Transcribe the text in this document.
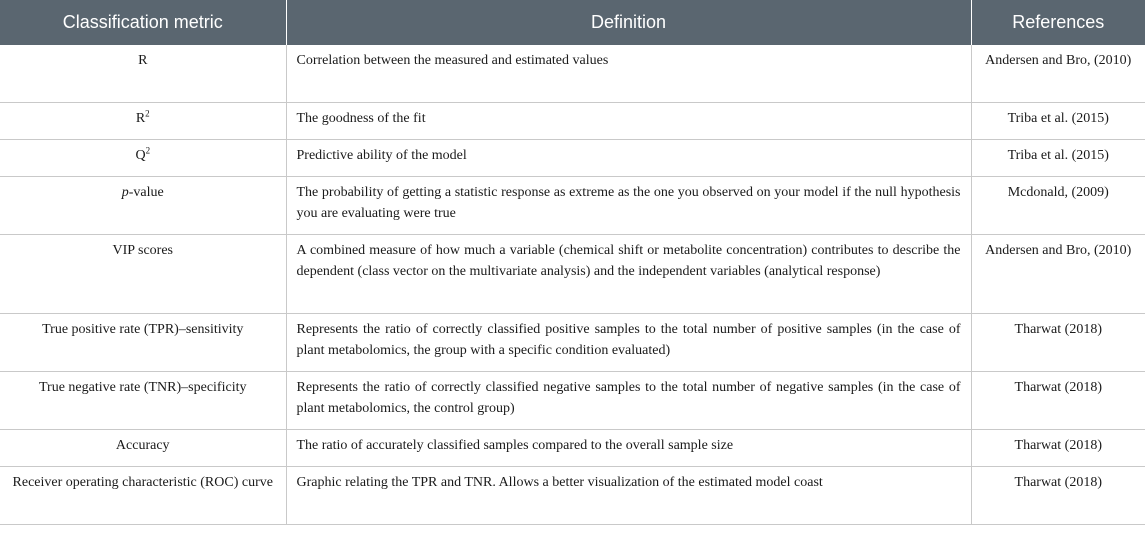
Classification metric	Definition	References
R	Correlation between the measured and estimated values	Andersen and Bro, (2010)
$R^2$	The goodness of the fit	Triba et al. (2015)
$Q^2$	Predictive ability of the model	Triba et al. (2015)
p-value	The probability of getting a statistic response as extreme as the one you observed on your model if the null hypothesis you are evaluating were true	Mcdonald, (2009)
VIP scores	A combined measure of how much a variable (chemical shift or metabolite concentration) contributes to describe the dependent (class vector on the multivariate analysis) and the independent variables (analytical response)	Andersen and Bro, (2010)
True positive rate (TPR)–sensitivity	Represents the ratio of correctly classified positive samples to the total number of positive samples (in the case of plant metabolomics, the group with a specific condition evaluated)	Tharwat (2018)
True negative rate (TNR)–specificity	Represents the ratio of correctly classified negative samples to the total number of negative samples (in the case of plant metabolomics, the control group)	Tharwat (2018)
Accuracy	The ratio of accurately classified samples compared to the overall sample size	Tharwat (2018)
Receiver operating characteristic (ROC) curve	Graphic relating the TPR and TNR. Allows a better visualization of the estimated model coast	Tharwat (2018)
